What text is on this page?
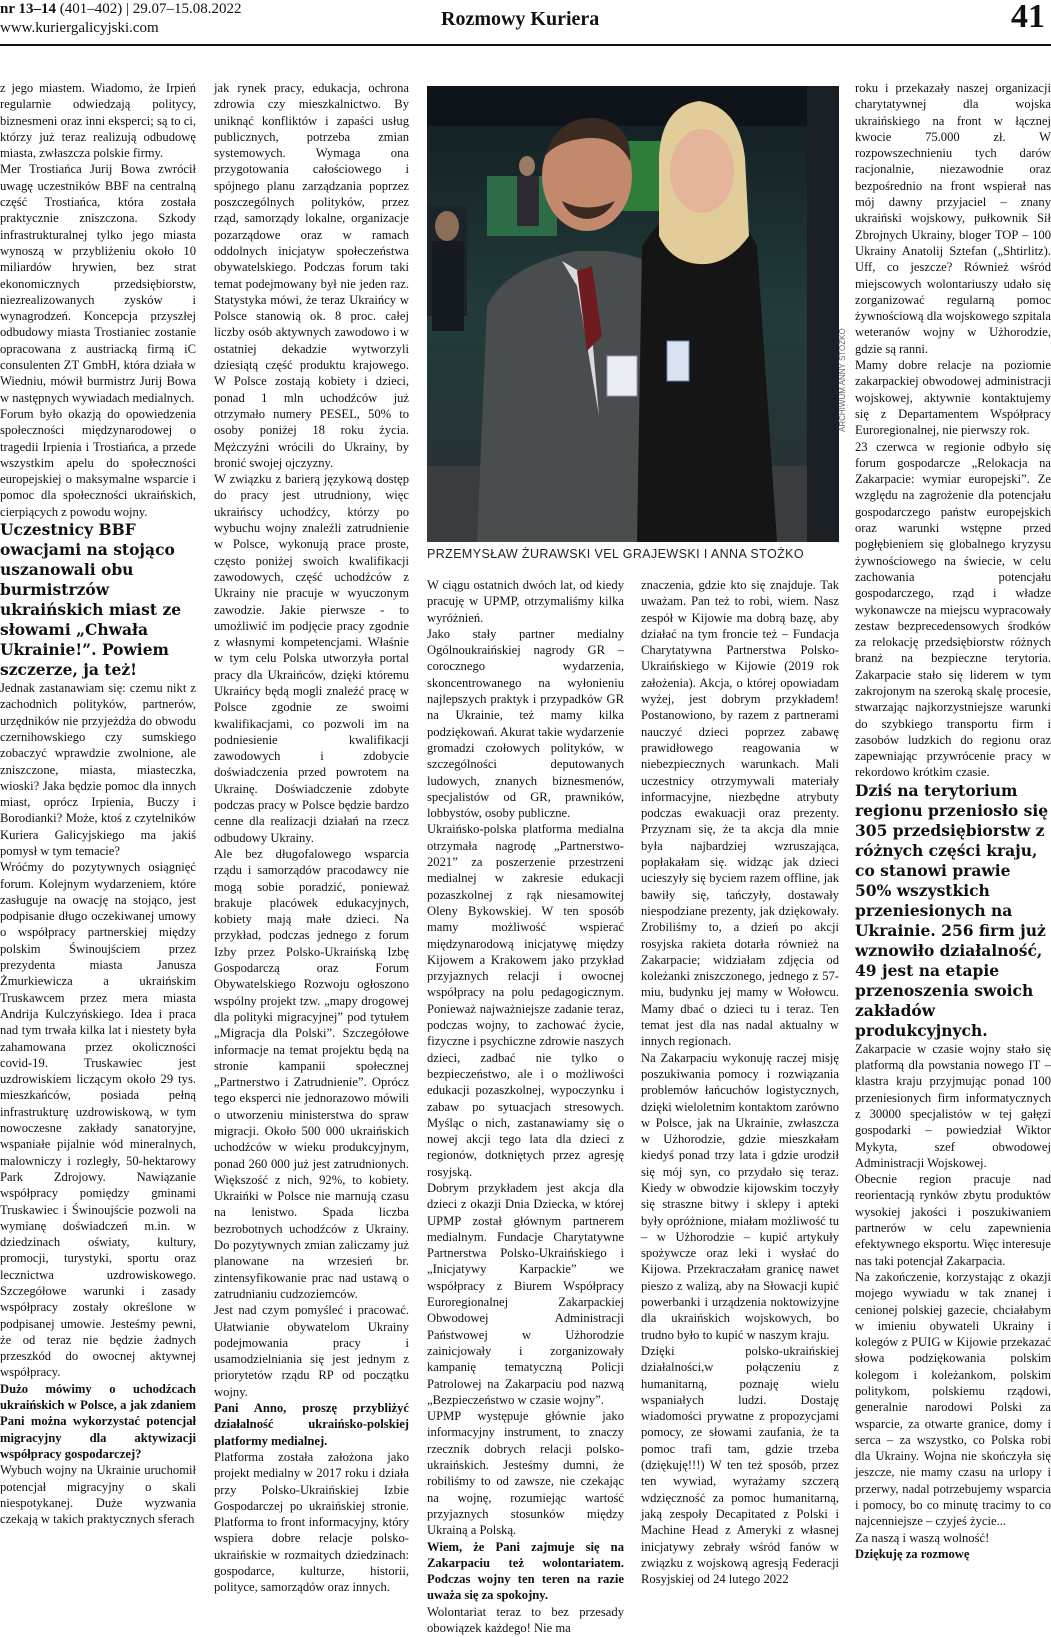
nr 13–14 (401–402) | 29.07–15.08.2022
www.kuriergalicyjski.com	Rozmowy Kuriera	41

z jego miastem. Wiadomo, że Irpień regularnie odwiedzają politycy, biznesmeni oraz inni eksperci; są to ci, którzy już teraz realizują odbudowę miasta, zwłaszcza polskie firmy.

Mer Trostiańca Jurij Bowa zwrócił uwagę uczestników BBF na centralną część Trostiańca, która została praktycznie zniszczona. Szkody infrastrukturalnej tylko jego miasta wynoszą w przybliżeniu około 10 miliardów hrywien, bez strat ekonomicznych przedsiębiorstw, niezrealizowanych zysków i wynagrodzeń. Koncepcja przyszłej odbudowy miasta Trostianiec zostanie opracowana z austriacką firmą iC consulenten ZT GmbH, która działa w Wiedniu, mówił burmistrz Jurij Bowa w następnych wywiadach medialnych.

Forum było okazją do opowiedzenia społeczności międzynarodowej o tragedii Irpienia i Trostiańca, a przede wszystkim apelu do społeczności europejskiej o maksymalne wsparcie i pomoc dla społeczności ukraińskich, cierpiących z powodu wojny.

Uczestnicy BBF owacjami na stojąco uszanowali obu burmistrzów ukraińskich miast ze słowami „Chwała Ukrainie!”. Powiem szczerze, ja też!

Jednak zastanawiam się: czemu nikt z zachodnich polityków, partnerów, urzędników nie przyjeżdża do obwodu czernihowskiego czy sumskiego zobaczyć wprawdzie zwolnione, ale zniszczone, miasta, miasteczka, wioski? Jaka będzie pomoc dla innych miast, oprócz Irpienia, Buczy i Borodianki? Może, ktoś z czytelników Kuriera Galicyjskiego ma jakiś pomysł w tym temacie?

Wróćmy do pozytywnych osiągnięć forum. Kolejnym wydarzeniem, które zasługuje na owację na stojąco, jest podpisanie długo oczekiwanej umowy o współpracy partnerskiej między polskim Świnoujściem przez prezydenta miasta Janusza Żmurkiewicza a ukraińskim Truskawcem przez mera miasta Andrija Kulczyńskiego. Idea i praca nad tym trwała kilka lat i niestety była zahamowana przez okoliczności covid-19. Truskawiec jest uzdrowiskiem liczącym około 29 tys. mieszkańców, posiada pełną infrastrukturę uzdrowiskową, w tym nowoczesne zakłady sanatoryjne, wspaniałe pijalnie wód mineralnych, malowniczy i rozległy, 50-hektarowy Park Zdrojowy. Nawiązanie współpracy pomiędzy gminami Truskawiec i Świnoujście pozwoli na wymianę doświadczeń m.in. w dziedzinach oświaty, kultury, promocji, turystyki, sportu oraz lecznictwa uzdrowiskowego. Szczegółowe warunki i zasady współpracy zostały określone w podpisanej umowie. Jesteśmy pewni, że od teraz nie będzie żadnych przeszkód do owocnej aktywnej współpracy.

Dużo mówimy o uchodźcach ukraińskich w Polsce, a jak zdaniem Pani można wykorzystać potencjał migracyjny dla aktywizacji współpracy gospodarczej?

Wybuch wojny na Ukrainie uruchomił potencjał migracyjny o skali niespotykanej. Duże wyzwania czekają w takich praktycznych sferach

jak rynek pracy, edukacja, ochrona zdrowia czy mieszkalnictwo. By uniknąć konfliktów i zapaści usług publicznych, potrzeba zmian systemowych. Wymaga ona przygotowania całościowego i spójnego planu zarządzania poprzez poszczególnych polityków, przez rząd, samorządy lokalne, organizacje pozarządowe oraz w ramach oddolnych inicjatyw społeczeństwa obywatelskiego. Podczas forum taki temat podejmowany był nie jeden raz. Statystyka mówi, że teraz Ukraińcy w Polsce stanowią ok. 8 proc. całej liczby osób aktywnych zawodowo i w ostatniej dekadzie wytworzyli dziesiątą część produktu krajowego. W Polsce zostają kobiety i dzieci, ponad 1 mln uchodźców już otrzymało numery PESEL, 50% to osoby poniżej 18 roku życia. Mężczyźni wrócili do Ukrainy, by bronić swojej ojczyzny.

W związku z barierą językową dostęp do pracy jest utrudniony, więc ukraińscy uchodźcy, którzy po wybuchu wojny znaleźli zatrudnienie w Polsce, wykonują prace proste, często poniżej swoich kwalifikacji zawodowych, część uchodźców z Ukrainy nie pracuje w wyuczonym zawodzie. Jakie pierwsze - to umożliwić im podjęcie pracy zgodnie z własnymi kompetencjami. Właśnie w tym celu Polska utworzyła portal pracy dla Ukraińców, dzięki któremu Ukraińcy będą mogli znaleźć pracę w Polsce zgodnie ze swoimi kwalifikacjami, co pozwoli im na podniesienie kwalifikacji zawodowych i zdobycie doświadczenia przed powrotem na Ukrainę. Doświadczenie zdobyte podczas pracy w Polsce będzie bardzo cenne dla realizacji działań na rzecz odbudowy Ukrainy.

Ale bez długofalowego wsparcia rządu i samorządów pracodawcy nie mogą sobie poradzić, ponieważ brakuje placówek edukacyjnych, kobiety mają małe dzieci. Na przykład, podczas jednego z forum Izby przez Polsko-Ukraińską Izbę Gospodarczą oraz Forum Obywatelskiego Rozwoju ogłoszono wspólny projekt tzw. „mapy drogowej dla polityki migracyjnej” pod tytułem „Migracja dla Polski”. Szczegółowe informacje na temat projektu będą na stronie kampanii społecznej „Partnerstwo i Zatrudnienie”. Oprócz tego eksperci nie jednorazowo mówili o utworzeniu ministerstwa do spraw migracji. Około 500 000 ukraińskich uchodźców w wieku produkcyjnym, ponad 260 000 już jest zatrudnionych. Większość z nich, 92%, to kobiety. Ukraińki w Polsce nie marnują czasu na lenistwo. Spada liczba bezrobotnych uchodźców z Ukrainy. Do pozytywnych zmian zaliczamy już planowane na wrzesień br. zintensyfikowanie prac nad ustawą o zatrudnianiu cudzoziemców.

Jest nad czym pomyśleć i pracować. Ułatwianie obywatelom Ukrainy podejmowania pracy i usamodzielniania się jest jednym z priorytetów rządu RP od początku wojny.

Pani Anno, proszę przybliżyć działalność ukraińsko-polskiej platformy medialnej.

Platforma została założona jako projekt medialny w 2017 roku i działa przy Polsko-Ukraińskiej Izbie Gospodarczej po ukraińskiej stronie. Platforma to front informacyjny, który wspiera dobre relacje polsko-ukraińskie w rozmaitych dziedzinach: gospodarce, kulturze, historii, polityce, samorządów oraz innych.

ARCHIWUM ANNY STOŻKO
PRZEMYSŁAW ŻURAWSKI VEL GRAJEWSKI I ANNA STOŻKO

W ciągu ostatnich dwóch lat, od kiedy pracuję w UPMP, otrzymaliśmy kilka wyróżnień.

Jako stały partner medialny Ogólnoukraińskiej nagrody GR – corocznego wydarzenia, skoncentrowanego na wyłonieniu najlepszych praktyk i przypadków GR na Ukrainie, też mamy kilka podziękowań. Akurat takie wydarzenie gromadzi czołowych polityków, w szczególności deputowanych ludowych, znanych biznesmenów, specjalistów od GR, prawników, lobbystów, osoby publiczne.

Ukraińsko-polska platforma medialna otrzymała nagrodę „Partnerstwo-2021” za poszerzenie przestrzeni medialnej w zakresie edukacji pozaszkolnej z rąk niesamowitej Oleny Bykowskiej. W ten sposób mamy możliwość wspierać międzynarodową inicjatywę między Kijowem a Krakowem jako przykład przyjaznych relacji i owocnej współpracy na polu pedagogicznym. Ponieważ najważniejsze zadanie teraz, podczas wojny, to zachować życie, fizyczne i psychiczne zdrowie naszych dzieci, zadbać nie tylko o bezpieczeństwo, ale i o możliwości edukacji pozaszkolnej, wypoczynku i zabaw po sytuacjach stresowych. Myśląc o nich, zastanawiamy się o nowej akcji tego lata dla dzieci z regionów, dotkniętych przez agresję rosyjską.

Dobrym przykładem jest akcja dla dzieci z okazji Dnia Dziecka, w której UPMP został głównym partnerem medialnym. Fundacje Charytatywne Partnerstwa Polsko-Ukraińskiego i „Inicjatywy Karpackie” we współpracy z Biurem Współpracy Euroregionalnej Zakarpackiej Obwodowej Administracji Państwowej w Użhorodzie zainicjowały i zorganizowały kampanię tematyczną Policji Patrolowej na Zakarpaciu pod nazwą „Bezpieczeństwo w czasie wojny”.

UPMP występuje głównie jako informacyjny instrument, to znaczy rzecznik dobrych relacji polsko-ukraińskich. Jesteśmy dumni, że robiliśmy to od zawsze, nie czekając na wojnę, rozumiejąc wartość przyjaznych stosunków między Ukrainą a Polską.

Wiem, że Pani zajmuje się na Zakarpaciu też wolontariatem. Podczas wojny ten teren na razie uważa się za spokojny.

Wolontariat teraz to bez przesady obowiązek każdego! Nie ma

znaczenia, gdzie kto się znajduje. Tak uważam. Pan też to robi, wiem. Nasz zespół w Kijowie ma dobrą bazę, aby działać na tym froncie też – Fundacja Charytatywna Partnerstwa Polsko-Ukraińskiego w Kijowie (2019 rok założenia). Akcja, o której opowiadam wyżej, jest dobrym przykładem! Postanowiono, by razem z partnerami nauczyć dzieci poprzez zabawę prawidłowego reagowania w niebezpiecznych warunkach. Mali uczestnicy otrzymywali materiały informacyjne, niezbędne atrybuty podczas ewakuacji oraz prezenty. Przyznam się, że ta akcja dla mnie była najbardziej wzruszająca, popłakałam się. widząc jak dzieci ucieszyły się byciem razem offline, jak bawiły się, tańczyły, dostawały niespodziane prezenty, jak dziękowały. Zrobiliśmy to, a dzień po akcji rosyjska rakieta dotarła również na Zakarpacie; widziałam zdjęcia od koleżanki zniszczonego, jednego z 57-miu, budynku jej mamy w Wołowcu. Mamy dbać o dzieci tu i teraz. Ten temat jest dla nas nadal aktualny w innych regionach.

Na Zakarpaciu wykonuję raczej misję poszukiwania pomocy i rozwiązania problemów łańcuchów logistycznych, dzięki wieloletnim kontaktom zarówno w Polsce, jak na Ukrainie, zwłaszcza w Użhorodzie, gdzie mieszkałam kiedyś ponad trzy lata i gdzie urodził się mój syn, co przydało się teraz. Kiedy w obwodzie kijowskim toczyły się straszne bitwy i sklepy i apteki były opróżnione, miałam możliwość tu – w Użhorodzie – kupić artykuły spożywcze oraz leki i wysłać do Kijowa. Przekraczałam granicę nawet pieszo z walizą, aby na Słowacji kupić powerbanki i urządzenia noktowizyjne dla ukraińskich wojskowych, bo trudno było to kupić w naszym kraju.

Dzięki polsko-ukraińskiej działalności,w połączeniu z humanitarną, poznaję wielu wspaniałych ludzi. Dostaję wiadomości prywatne z propozycjami pomocy, ze słowami zaufania, że ta pomoc trafi tam, gdzie trzeba (dziękuję!!!) W ten też sposób, przez ten wywiad, wyrażamy szczerą wdzięczność za pomoc humanitarną, jaką zespoły Decapitated z Polski i Machine Head z Ameryki z własnej inicjatywy zebrały wśród fanów w związku z wojskową agresją Federacji Rosyjskiej od 24 lutego 2022

roku i przekazały naszej organizacji charytatywnej dla wojska ukraińskiego na front w łącznej kwocie 75.000 zł. W rozpowszechnieniu tych darów racjonalnie, niezawodnie oraz bezpośrednio na front wspierał nas mój dawny przyjaciel – znany ukraiński wojskowy, pułkownik Sił Zbrojnych Ukrainy, bloger TOP – 100 Ukrainy Anatolij Sztefan („Shtirlitz). Uff, co jeszcze? Również wśród miejscowych wolontariuszy udało się zorganizować regularną pomoc żywnościową dla wojskowego szpitala weteranów wojny w Użhorodzie, gdzie są ranni.

Mamy dobre relacje na poziomie zakarpackiej obwodowej administracji wojskowej, aktywnie kontaktujemy się z Departamentem Współpracy Euroregionalnej, nie pierwszy rok.

23 czerwca w regionie odbyło się forum gospodarcze „Relokacja na Zakarpacie: wymiar europejski”. Ze względu na zagrożenie dla potencjału gospodarczego państw europejskich oraz warunki wstępne przed pogłębieniem się globalnego kryzysu żywnościowego na świecie, w celu zachowania potencjału gospodarczego, rząd i władze wykonawcze na miejscu wypracowały zestaw bezprecedensowych środków za relokację przedsiębiorstw różnych branż na bezpieczne terytoria. Zakarpacie stało się liderem w tym zakrojonym na szeroką skalę procesie, stwarzając najkorzystniejsze warunki do szybkiego transportu firm i zasobów ludzkich do regionu oraz zapewniając przywrócenie pracy w rekordowo krótkim czasie.

Dziś na terytorium regionu przeniosło się 305 przedsiębiorstw z różnych części kraju, co stanowi prawie 50% wszystkich przeniesionych na Ukrainie. 256 firm już wznowiło działalność, 49 jest na etapie przenoszenia swoich zakładów produkcyjnych.

Zakarpacie w czasie wojny stało się platformą dla powstania nowego IT – klastra kraju przyjmując ponad 100 przeniesionych firm informatycznych z 30000 specjalistów w tej gałęzi gospodarki – powiedział Wiktor Mykyta, szef obwodowej Administracji Wojskowej.

Obecnie region pracuje nad reorientacją rynków zbytu produktów wysokiej jakości i poszukiwaniem partnerów w celu zapewnienia efektywnego eksportu. Więc interesuje nas taki potencjał Zakarpacia.

Na zakończenie, korzystając z okazji mojego wywiadu w tak znanej i cenionej polskiej gazecie, chciałabym w imieniu obywateli Ukrainy i kolegów z PUIG w Kijowie przekazać słowa podziękowania polskim kolegom i koleżankom, polskim politykom, polskiemu rządowi, generalnie narodowi Polski za wsparcie, za otwarte granice, domy i serca – za wszystko, co Polska robi dla Ukrainy. Wojna nie skończyła się jeszcze, nie mamy czasu na urlopy i przerwy, nadal potrzebujemy wsparcia i pomocy, bo co minutę tracimy to co najcenniejsze – czyjeś życie...

Za naszą i waszą wolność!

Dziękuję za rozmowę
